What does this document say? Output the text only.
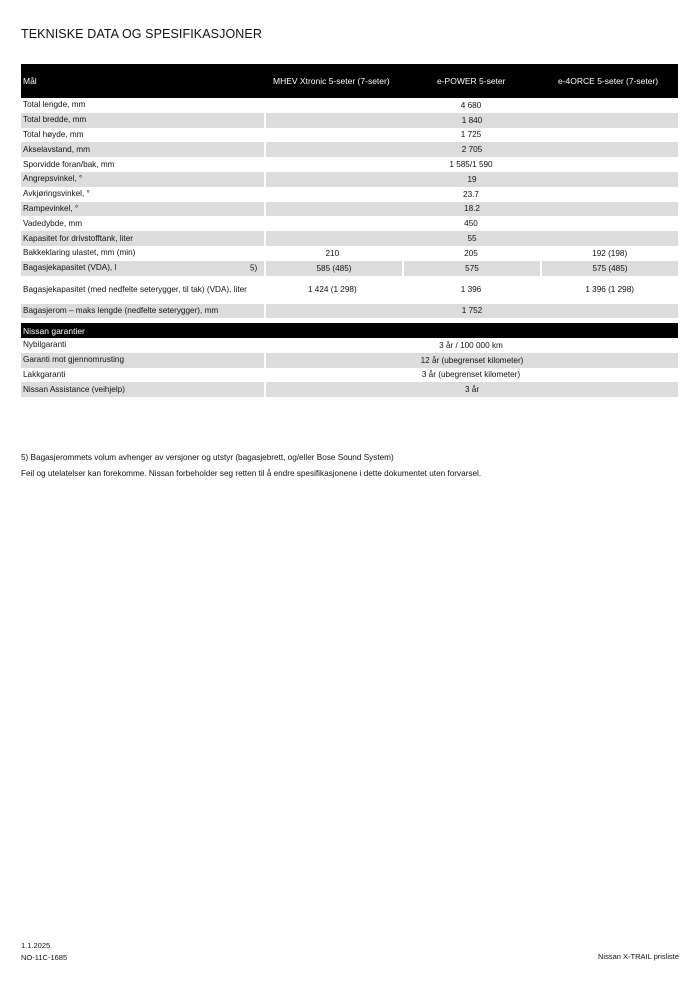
TEKNISKE DATA OG SPESIFIKASJONER
Mål	MHEV Xtronic 5-seter (7-seter)	e-POWER 5-seter	e-4ORCE 5-seter (7-seter)
Total lengde, mm	4 680
Total bredde, mm	1 840
Total høyde, mm	1 725
Akselavstand, mm	2 705
Sporvidde foran/bak, mm	1 585/1 590
Angrepsvinkel, °	19
Avkjøringsvinkel, °	23.7
Rampevinkel, °	18.2
Vadedybde, mm	450
Kapasitet for drivstofftank, liter	55
Bakkeklaring ulastet, mm (min)	210	205	192 (198)
Bagasjekapasitet (VDA), l	5)	585 (485)	575	575 (485)
Bagasjekapasitet (med nedfelte seterygger, til tak) (VDA), liter	1 424 (1 298)	1 396	1 396 (1 298)
Bagasjerom – maks lengde (nedfelte seterygger), mm	1 752
Nissan garantier
Nybilgaranti	3 år / 100 000 km
Garanti mot gjennomrusting	12 år (ubegrenset kilometer)
Lakkgaranti	3 år (ubegrenset kilometer)
Nissan Assistance (veihjelp)	3 år

5) Bagasjerommets volum avhenger av versjoner og utstyr (bagasjebrett, og/eller Bose Sound System)

Feil og utelatelser kan forekomme. Nissan forbeholder seg retten til å endre spesifikasjonene i dette dokumentet uten forvarsel.

1.1.2025
NO-11C-1685	Nissan X-TRAIL prisliste
